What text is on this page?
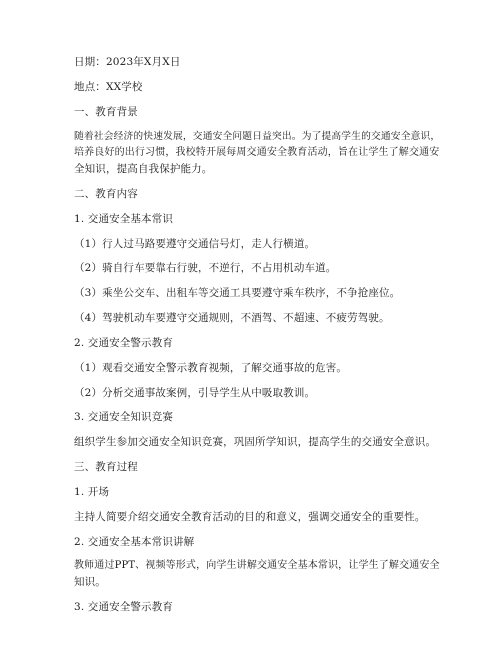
日期：2023年X月X日
地点：XX学校
一、教育背景
随着社会经济的快速发展，交通安全问题日益突出。为了提高学生的交通安全意识，
培养良好的出行习惯，我校特开展每周交通安全教育活动，旨在让学生了解交通安
全知识，提高自我保护能力。
二、教育内容
1. 交通安全基本常识
（1）行人过马路要遵守交通信号灯，走人行横道。
（2）骑自行车要靠右行驶，不逆行，不占用机动车道。
（3）乘坐公交车、出租车等交通工具要遵守乘车秩序，不争抢座位。
（4）驾驶机动车要遵守交通规则，不酒驾、不超速、不疲劳驾驶。
2. 交通安全警示教育
（1）观看交通安全警示教育视频，了解交通事故的危害。
（2）分析交通事故案例，引导学生从中吸取教训。
3. 交通安全知识竞赛
组织学生参加交通安全知识竞赛，巩固所学知识，提高学生的交通安全意识。
三、教育过程
1. 开场
主持人简要介绍交通安全教育活动的目的和意义，强调交通安全的重要性。
2. 交通安全基本常识讲解
教师通过PPT、视频等形式，向学生讲解交通安全基本常识，让学生了解交通安全
知识。
3. 交通安全警示教育
